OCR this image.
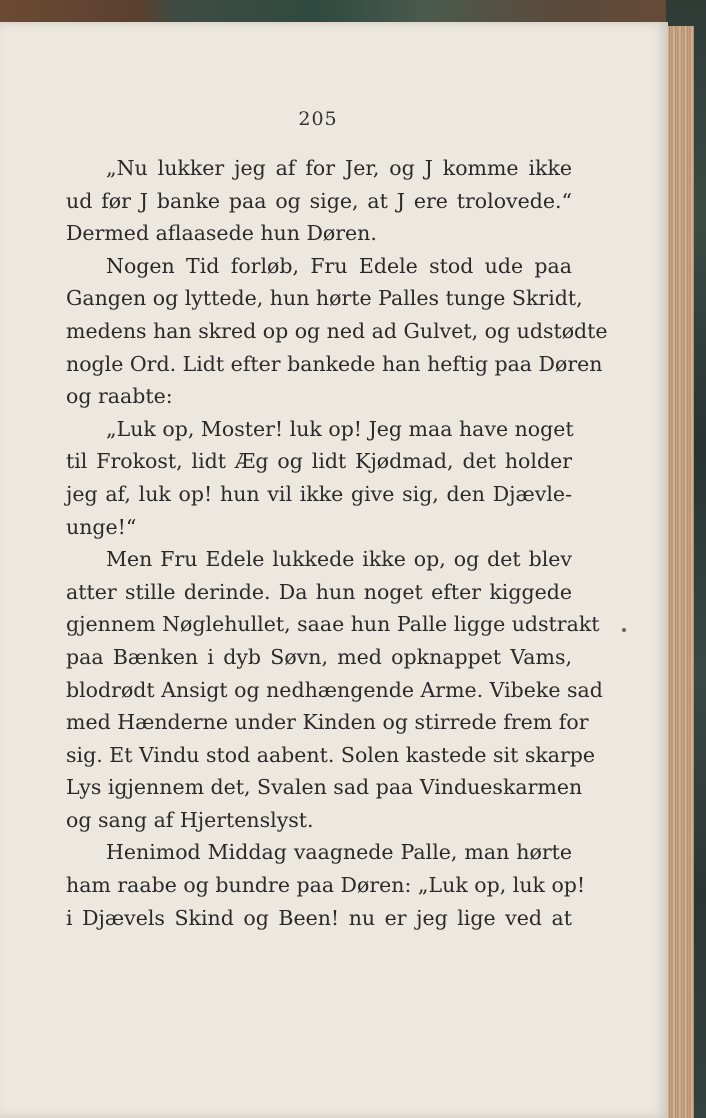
205
„Nu lukker jeg af for Jer, og J komme ikke
ud før J banke paa og sige, at J ere trolovede.“
Dermed aflaasede hun Døren.
Nogen Tid forløb, Fru Edele stod ude paa
Gangen og lyttede, hun hørte Palles tunge Skridt,
medens han skred op og ned ad Gulvet, og udstødte
nogle Ord. Lidt efter bankede han heftig paa Døren
og raabte:
„Luk op, Moster! luk op! Jeg maa have noget
til Frokost, lidt Æg og lidt Kjødmad, det holder
jeg af, luk op! hun vil ikke give sig, den Djævle-
unge!“
Men Fru Edele lukkede ikke op, og det blev
atter stille derinde. Da hun noget efter kiggede
gjennem Nøglehullet, saae hun Palle ligge udstrakt
paa Bænken i dyb Søvn, med opknappet Vams,
blodrødt Ansigt og nedhængende Arme. Vibeke sad
med Hænderne under Kinden og stirrede frem for
sig. Et Vindu stod aabent. Solen kastede sit skarpe
Lys igjennem det, Svalen sad paa Vindueskarmen
og sang af Hjertenslyst.
Henimod Middag vaagnede Palle, man hørte
ham raabe og bundre paa Døren: „Luk op, luk op!
i Djævels Skind og Been! nu er jeg lige ved at
